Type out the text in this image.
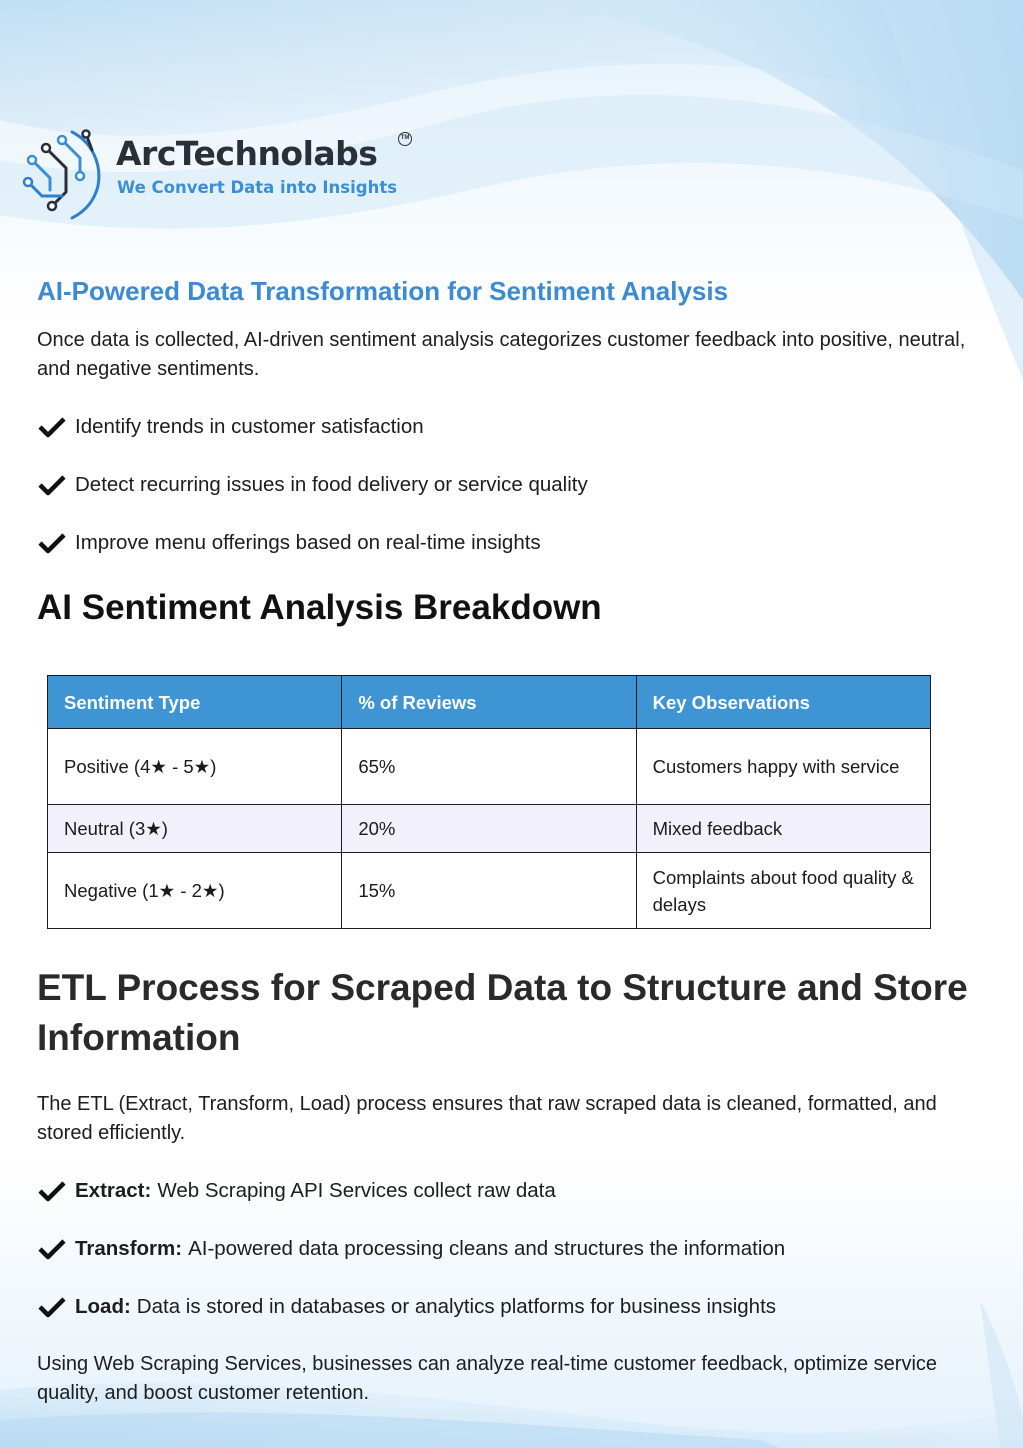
ArcTechnolabs	TM
We Convert Data into Insights
AI-Powered Data Transformation for Sentiment Analysis

Once data is collected, AI-driven sentiment analysis categorizes customer feedback into positive, neutral, and negative sentiments.

Identify trends in customer satisfaction
Detect recurring issues in food delivery or service quality
Improve menu offerings based on real-time insights
AI Sentiment Analysis Breakdown
Sentiment Type	% of Reviews	Key Observations
Positive (4★ - 5★)	65%	Customers happy with service
Neutral (3★)	20%	Mixed feedback
Negative (1★ - 2★)	15%	Complaints about food quality & delays
ETL Process for Scraped Data to Structure and Store Information

The ETL (Extract, Transform, Load) process ensures that raw scraped data is cleaned, formatted, and stored efficiently.

Extract: Web Scraping API Services collect raw data
Transform: AI-powered data processing cleans and structures the information
Load: Data is stored in databases or analytics platforms for business insights

Using Web Scraping Services, businesses can analyze real-time customer feedback, optimize service quality, and boost customer retention.
